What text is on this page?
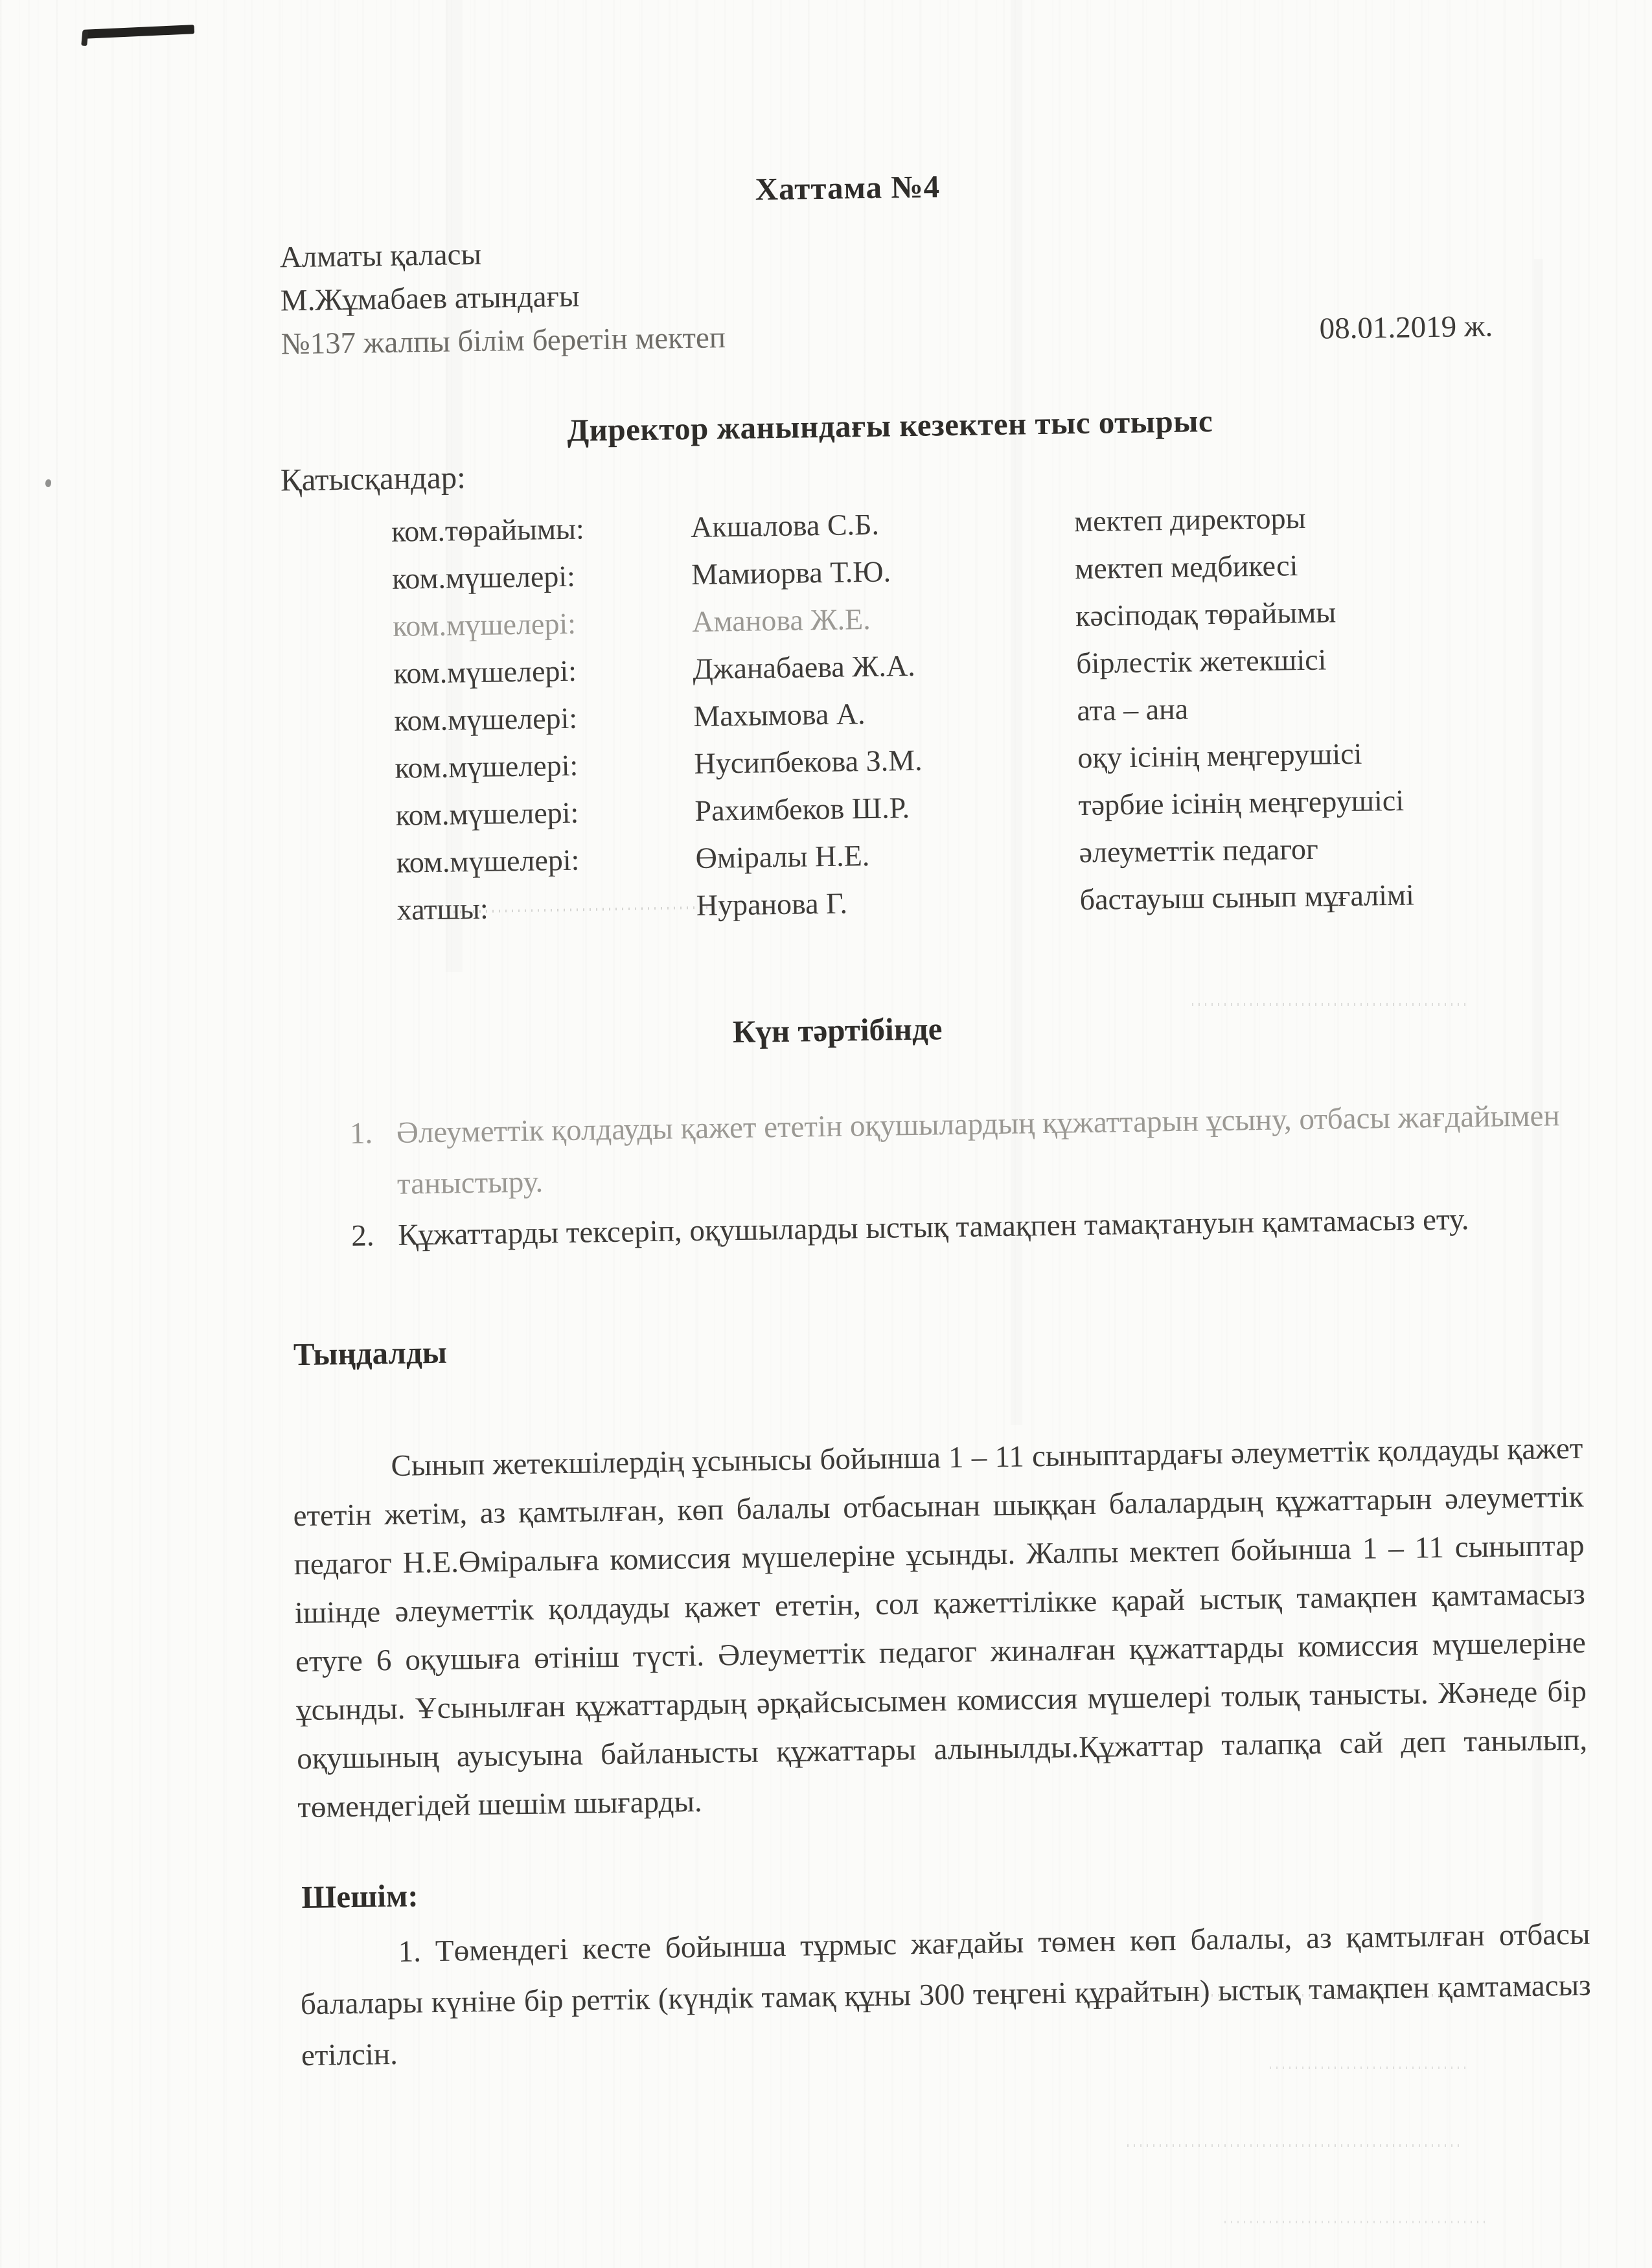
Хаттама №4
Алматы қаласы
М.Жұмабаев атындағы
№137 жалпы білім беретін мектеп	08.01.2019 ж.
Директор жанындағы кезектен тыс отырыс
Қатысқандар:
ком.төрайымы:	Акшалова С.Б.	мектеп директоры
ком.мүшелері:	Мамиорва Т.Ю.	мектеп медбикесі
ком.мүшелері:	Аманова Ж.Е.	кәсіподақ төрайымы
ком.мүшелері:	Джанабаева Ж.А.	бірлестік жетекшісі
ком.мүшелері:	Махымова А.	ата – ана
ком.мүшелері:	Нусипбекова З.М.	оқу ісінің меңгерушісі
ком.мүшелері:	Рахимбеков Ш.Р.	тәрбие ісінің меңгерушісі
ком.мүшелері:	Өміралы Н.Е.	әлеуметтік педагог
хатшы:	Нуранова Г.	бастауыш сынып мұғалімі
Күн тәртібінде
1. Әлеуметтік қолдауды қажет ететін оқушылардың құжаттарын ұсыну, отбасы жағдайымен таныстыру.
2. Құжаттарды тексеріп, оқушыларды ыстық тамақпен тамақтануын қамтамасыз ету.
Тыңдалды

Сынып жетекшілердің ұсынысы бойынша 1 – 11 сыныптардағы әлеуметтік қолдауды қажет ететін жетім, аз қамтылған, көп балалы отбасынан шыққан балалардың құжаттарын әлеуметтік педагог Н.Е.Өміралыға комиссия мүшелеріне ұсынды. Жалпы мектеп бойынша 1 – 11 сыныптар ішінде әлеуметтік қолдауды қажет ететін, сол қажеттілікке қарай ыстық тамақпен қамтамасыз етуге 6 оқушыға өтініш түсті. Әлеуметтік педагог жиналған құжаттарды комиссия мүшелеріне ұсынды. Ұсынылған құжаттардың әрқайсысымен комиссия мүшелері толық танысты. Жәнеде бір оқушының ауысуына байланысты құжаттары алынылды.Құжаттар талапқа сай деп танылып, төмендегідей шешім шығарды.

Шешім:

1. Төмендегі кесте бойынша тұрмыс жағдайы төмен көп балалы, аз қамтылған отбасы балалары күніне бір реттік (күндік тамақ құны 300 теңгені құрайтын) ыстық тамақпен қамтамасыз етілсін.
